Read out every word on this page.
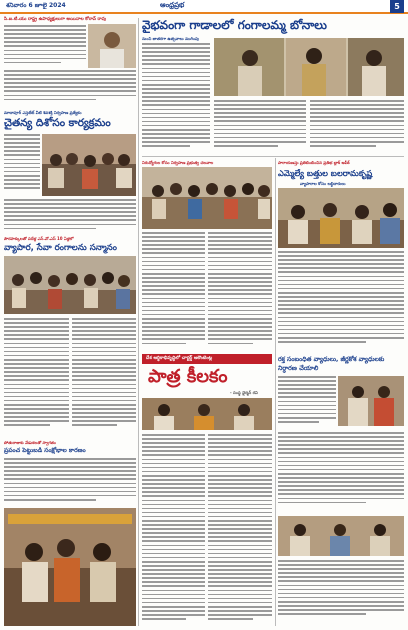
శనివారం 6 జూలై 2024	ఆంధ్రప్రభ	5
సి.ఐ.టి.యు రాష్ట్ర ఉపాధ్యక్షులుగా అయినాల కోరావ్ రావు
మాదాపూర్ ఎస్తటేట్ వీటి శివశక్తి నిర్వహణ ప్రత్యేకం
చైతన్య దిశోసం కార్యక్రమం
పౌరహక్కులతో పదేళ్ల ఎస్.వో.ఎస్ 10 ఏళ్లలో
వ్యాపార, సేవా రంగాలను సన్మానం
పోతురాజుకు వేడుకలతో స్వాగతం
ప్రపంచ పెట్టుబడి సంక్షోభాల కారణం
వైభవంగా గాడాలలో గంగాలమ్మ బోనాలు
నుంచి జాతరగా ఉత్సవాలు ముగింపు
నిరుద్యోగుల కోసం నిర్వహణ ప్రభుత్వ చలవాల	పారాయణస్తు ప్రతిబింబించిన ప్రతిభ బ్లాక్ ఆపీక్
ఎమ్మెల్యే బత్తుల బలరామకృష్ణ
వ్యాపారాల కోసం లబ్ధిదారులు
దేశ ఆర్థికాభివృద్ధిలో చార్టర్డ్ అకౌంటెంట్ల
పాత్ర కీలకం
- సంస్థ ఛైర్మన్ రవి
రక్త సంబంధిత వ్యాధులు, జీర్ణకోశ వ్యాధులకు నిర్ధారణ చేయాలి
